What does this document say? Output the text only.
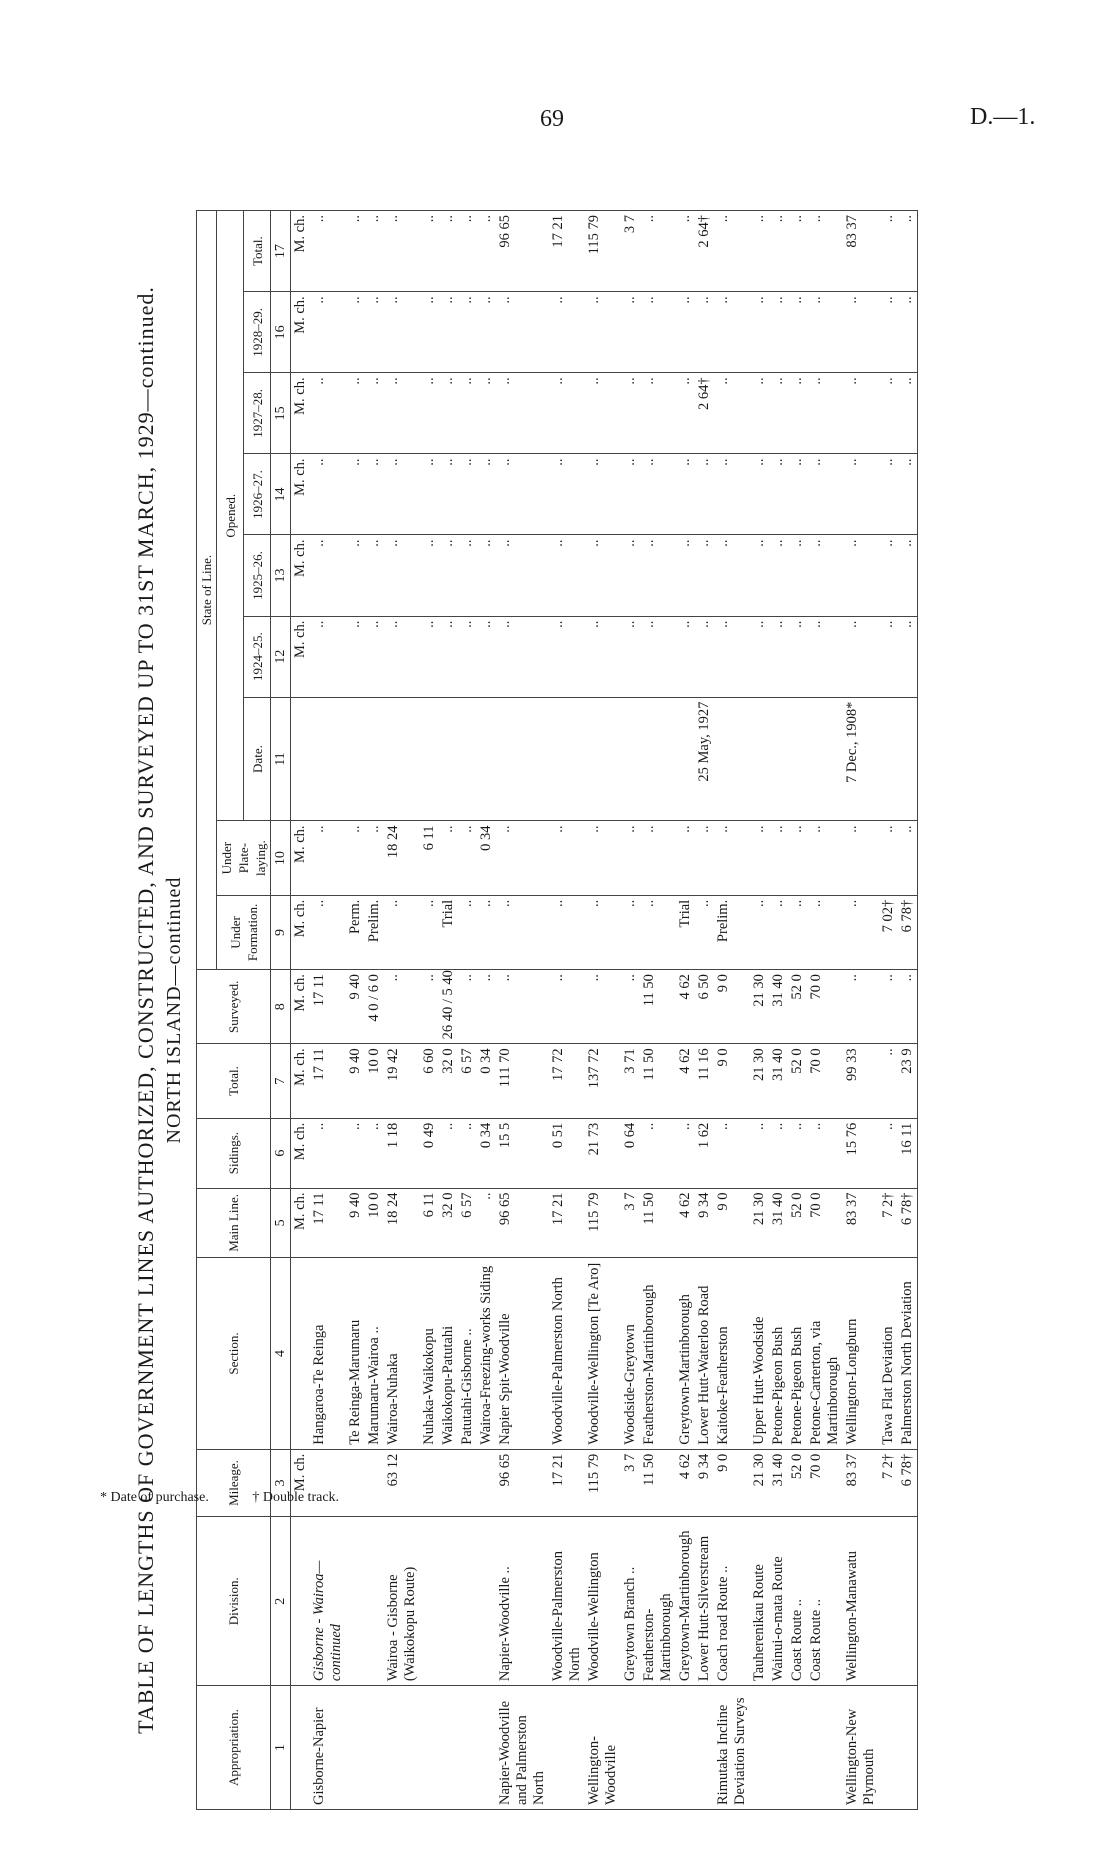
69	D.—1.
TABLE OF LENGTHS OF GOVERNMENT LINES AUTHORIZED, CONSTRUCTED, AND SURVEYED UP TO 31ST MARCH, 1929—continued. NORTH ISLAND—continued
Appropriation.	Division.	Mileage.	Section.	Main Line.	Sidings.	Total.	Surveyed.	State of Line.								
								Under Formation.	Under Plate-laying.	Opened.						
										Date.	1924–25.	1925–26.	1926–27.	1927–28.	1928–29.	Total.
1	2	3	4	5	6	7	8	9	10	11	12	13	14	15	16	17
		M. ch.		M. ch.	M. ch.	M. ch.	M. ch.	M. ch.	M. ch.		M. ch.	M. ch.	M. ch.	M. ch.	M. ch.	M. ch.
Gisborne-Napier	Gisborne - Wairoa—continued		Hangaroa-Te Reinga	17 11	..	17 11	17 11	..	..		..	..	..	..	..	..
			Te Reinga-Marumaru	9 40	..	9 40	9 40	Perm.	..		..	..	..	..	..	..
			Marumaru-Wairoa ..	10 0	..	10 0	4 0 / 6 0	Prelim.	..		..	..	..	..	..	..
	Wairoa - Gisborne (Waikokopu Route)	63 12	Wairoa-Nuhaka	18 24	1 18	19 42	..	..	18 24		..	..	..	..	..	..
			Nuhaka-Waikokopu	6 11	0 49	6 60	..	..	6 11		..	..	..	..	..	..
			Waikokopu-Patutahi	32 0	..	32 0	26 40 / 5 40	Trial	..		..	..	..	..	..	..
			Patutahi-Gisborne ..	6 57	..	6 57	..	..	..		..	..	..	..	..	..
			Wairoa-Freezing-works Siding	..	0 34	0 34	..	..	0 34		..	..	..	..	..	..
Napier-Woodville and Palmerston North	Napier-Woodville ..	96 65	Napier Spit-Woodville	96 65	15 5	111 70	..	..	..		..	..	..	..	..	96 65
	Woodville-Palmerston North	17 21	Woodville-Palmerston North	17 21	0 51	17 72	..	..	..		..	..	..	..	..	17 21
Wellington-Woodville	Woodville-Wellington	115 79	Woodville-Wellington [Te Aro]	115 79	21 73	137 72	..	..	..		..	..	..	..	..	115 79
	Greytown Branch ..	3 7	Woodside-Greytown	3 7	0 64	3 71	..	..	..		..	..	..	..	..	3 7
	Featherston-Martinborough	11 50	Featherston-Martinborough	11 50	..	11 50	11 50	..	..		..	..	..	..	..	..
	Greytown-Martinborough	4 62	Greytown-Martinborough	4 62	..	4 62	4 62	Trial	..		..	..	..	..	..	..
	Lower Hutt-Silverstream	9 34	Lower Hutt-Waterloo Road	9 34	1 62	11 16	6 50	..	..	25 May, 1927	..	..	..	2 64†	..	2 64†
Rimutaka Incline Deviation Surveys	Coach road Route ..	9 0	Kaitoke-Featherston	9 0	..	9 0	9 0	Prelim.	..		..	..	..	..	..	..
	Tauherenikau Route	21 30	Upper Hutt-Woodside	21 30	..	21 30	21 30	..	..		..	..	..	..	..	..
	Wainui-o-mata Route	31 40	Petone-Pigeon Bush	31 40	..	31 40	31 40	..	..		..	..	..	..	..	..
	Coast Route ..	52 0	Petone-Pigeon Bush	52 0	..	52 0	52 0	..	..		..	..	..	..	..	..
	Coast Route ..	70 0	Petone-Carterton, via Martinborough	70 0	..	70 0	70 0	..	..		..	..	..	..	..	..
Wellington-New Plymouth	Wellington-Manawatu	83 37	Wellington-Longburn	83 37	15 76	99 33	..	..	..	7 Dec., 1908*	..	..	..	..	..	83 37
		7 2†	Tawa Flat Deviation	7 2†	..	..	..	7 02†	..		..	..	..	..	..	..
		6 78†	Palmerston North Deviation	6 78†	16 11	23 9	..	6 78†	..		..	..	..	..	..	..
* Date of purchase.	† Double track.
